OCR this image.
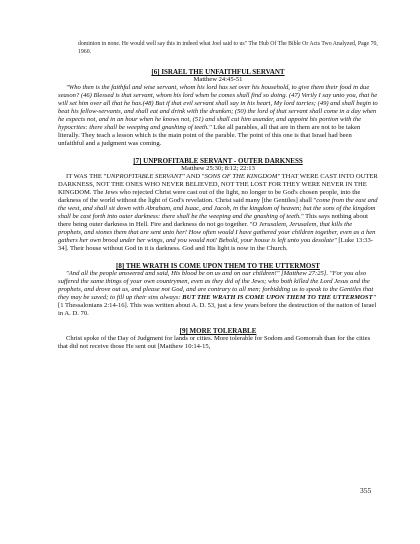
dominion in none. He would well say this in indeed what Joel said to us" The Hub Of The Bible Or Acts Two Analyzed, Page 70, 1960.
[6] ISRAEL THE UNFAITHFUL SERVANT
Matthew 24:45-51

"Who then is the faithful and wise servant, whom his lord has set over his household, to give them their food in due season? (46) Blessed is that servant, whom his lord when he comes shall find so doing. (47) Verily I say unto you, that he will set him over all that he has.(48) But if that evil servant shall say in his heart, My lord tarries; (49) and shall begin to beat his fellow-servants, and shall eat and drink with the drunken; (50) the lord of that servant shall come in a day when he expects not, and in an hour when he knows not, (51) and shall cut him asunder, and appoint his portion with the hypocrites: there shall be weeping and gnashing of teeth." Like all parables, all that are in them are not to be taken literally. They teach a lesson which is the main point of the parable. The point of this one is that Israel had been unfaithful and a judgment was coming.

[7] UNPROFITABLE SERVANT - OUTER DARKNESS
Matthew 25:30; 8:12; 22:13

IT WAS THE "UNPROFITABLE SERVANT" AND "SONS OF THE KINGDOM" THAT WERE CAST INTO OUTER DARKNESS, NOT THE ONES WHO NEVER BELIEVED, NOT THE LOST FOR THEY WERE NEVER IN THE KINGDOM. The Jews who rejected Christ were cast out of the light, no longer to be God's chosen people, into the darkness of the world without the light of God's revelation. Christ said many [the Gentiles] shall "come from the east and the west, and shall sit down with Abraham, and Isaac, and Jacob, in the kingdom of heaven; but the sons of the kingdom shall be cast forth into outer darkness: there shall be the weeping and the gnashing of teeth." This says nothing about there being outer darkness in Hell. Fire and darkness do not go together. "O Jerusalem, Jerusalem, that kills the prophets, and stones them that are sent unto her! How often would I have gathered your children together, even as a hen gathers her own brood under her wings, and you would not! Behold, your house is left unto you desolate" [Luke 13:33-34]. Their house without God in it is darkness. God and His light is now in the Church.

[8] THE WRATH IS COME UPON THEM TO THE UTTERMOST

"And all the people answered and said, His blood be on us and on our children!" [Matthew 27:25]. "For you also suffered the same things of your own countrymen, even as they did of the Jews; who both killed the Lord Jesus and the prophets, and drove out us, and please not God, and are contrary to all men; forbidding us to speak to the Gentiles that they may be saved; to fill up their sins always: BUT THE WRATH IS COME UPON THEM TO THE UTTERMOST" [1 Thessalonians 2:14-16]. This was written about A. D. 53, just a few years before the destruction of the nation of Israel in A. D. 70.

[9] MORE TOLERABLE

Christ spoke of the Day of Judgment for lands or cities. More tolerable for Sodom and Gomorrah than for the cities that did not receive those He sent out [Matthew 10:14-15,

355
